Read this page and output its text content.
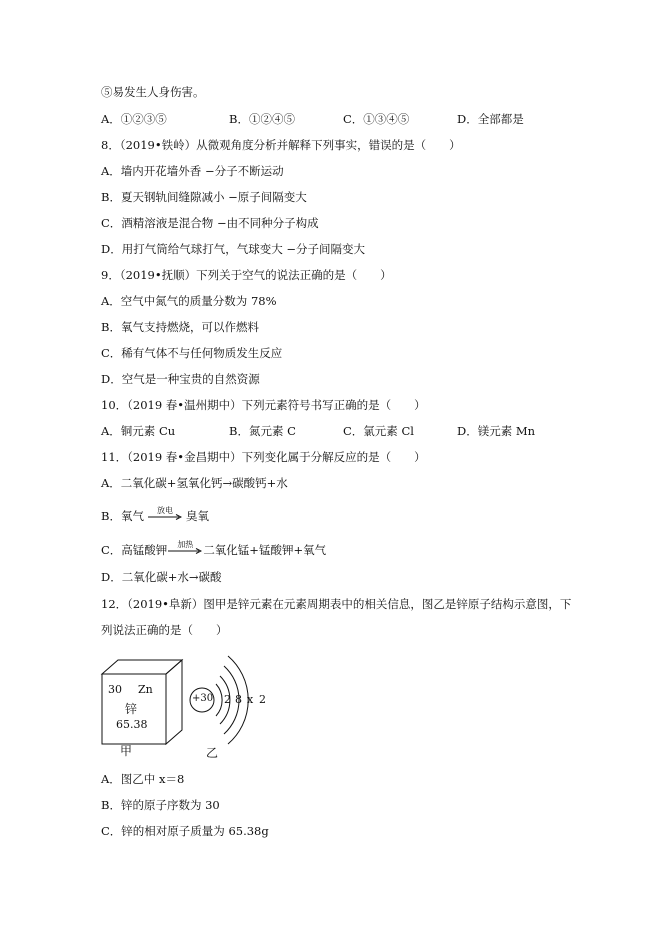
⑤易发生人身伤害。
A．①②③⑤	B．①②④⑤	C．①③④⑤	D．全部都是
8．（2019•铁岭）从微观角度分析并解释下列事实，错误的是（　　）
A．墙内开花墙外香 −分子不断运动
B．夏天钢轨间缝隙减小 −原子间隔变大
C．酒精溶液是混合物 −由不同种分子构成
D．用打气筒给气球打气，气球变大 −分子间隔变大
9．（2019•抚顺）下列关于空气的说法正确的是（　　）
A．空气中氮气的质量分数为 78%
B．氧气支持燃烧，可以作燃料
C．稀有气体不与任何物质发生反应
D．空气是一种宝贵的自然资源
10．（2019 春•温州期中）下列元素符号书写正确的是（　　）
A．铜元素 Cu	B．氮元素 C	C．氯元素 Cl	D．镁元素 Mn
11．（2019 春•金昌期中）下列变化属于分解反应的是（　　）
A．二氧化碳+氢氧化钙→碳酸钙+水
B．氧气	放电	臭氧
C．高锰酸钾	加热 二氧化锰+锰酸钾+氧气
D．二氧化碳+水→碳酸
12．（2019•阜新）图甲是锌元素在元素周期表中的相关信息，图乙是锌原子结构示意图，下
列说法正确的是（　　）
30 Zn
锌
65.38
+30 2 8 x 2
甲	乙
A．图乙中 x＝8
B．锌的原子序数为 30
C．锌的相对原子质量为 65.38g
